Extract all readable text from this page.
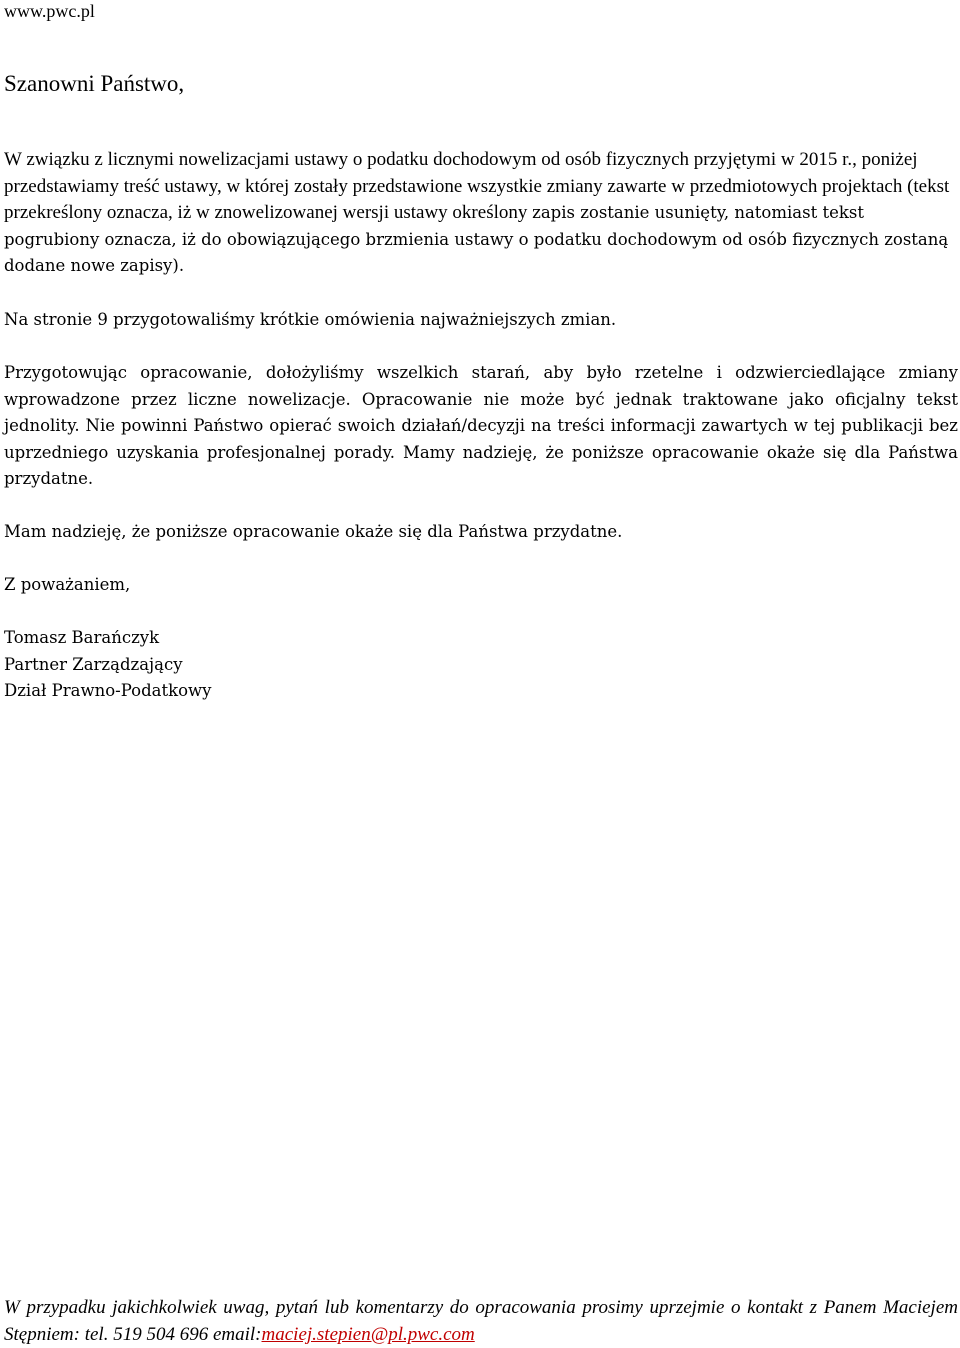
www.pwc.pl
Szanowni Państwo,

W związku z licznymi nowelizacjami ustawy o podatku dochodowym od osób fizycznych przyjętymi w 2015 r., poniżej przedstawiamy treść ustawy, w której zostały przedstawione wszystkie zmiany zawarte w przedmiotowych projektach (tekst przekreślony oznacza, iż w znowelizowanej wersji ustawy określony zapis zostanie usunięty, natomiast tekst pogrubiony oznacza, iż do obowiązującego brzmienia ustawy o podatku dochodowym od osób fizycznych zostaną dodane nowe zapisy).

Na stronie 9 przygotowaliśmy krótkie omówienia najważniejszych zmian.

Przygotowując opracowanie, dołożyliśmy wszelkich starań, aby było rzetelne i odzwierciedlające zmiany wprowadzone przez liczne nowelizacje. Opracowanie nie może być jednak traktowane jako oficjalny tekst jednolity. Nie powinni Państwo opierać swoich działań/decyzji na treści informacji zawartych w tej publikacji bez uprzedniego uzyskania profesjonalnej porady. Mamy nadzieję, że poniższe opracowanie okaże się dla Państwa przydatne.

Mam nadzieję, że poniższe opracowanie okaże się dla Państwa przydatne.

Z poważaniem,

Tomasz Barańczyk
Partner Zarządzający
Dział Prawno-Podatkowy
W przypadku jakichkolwiek uwag, pytań lub komentarzy do opracowania prosimy uprzejmie o kontakt z Panem Maciejem Stępniem: tel. 519 504 696 email:maciej.stepien@pl.pwc.com
